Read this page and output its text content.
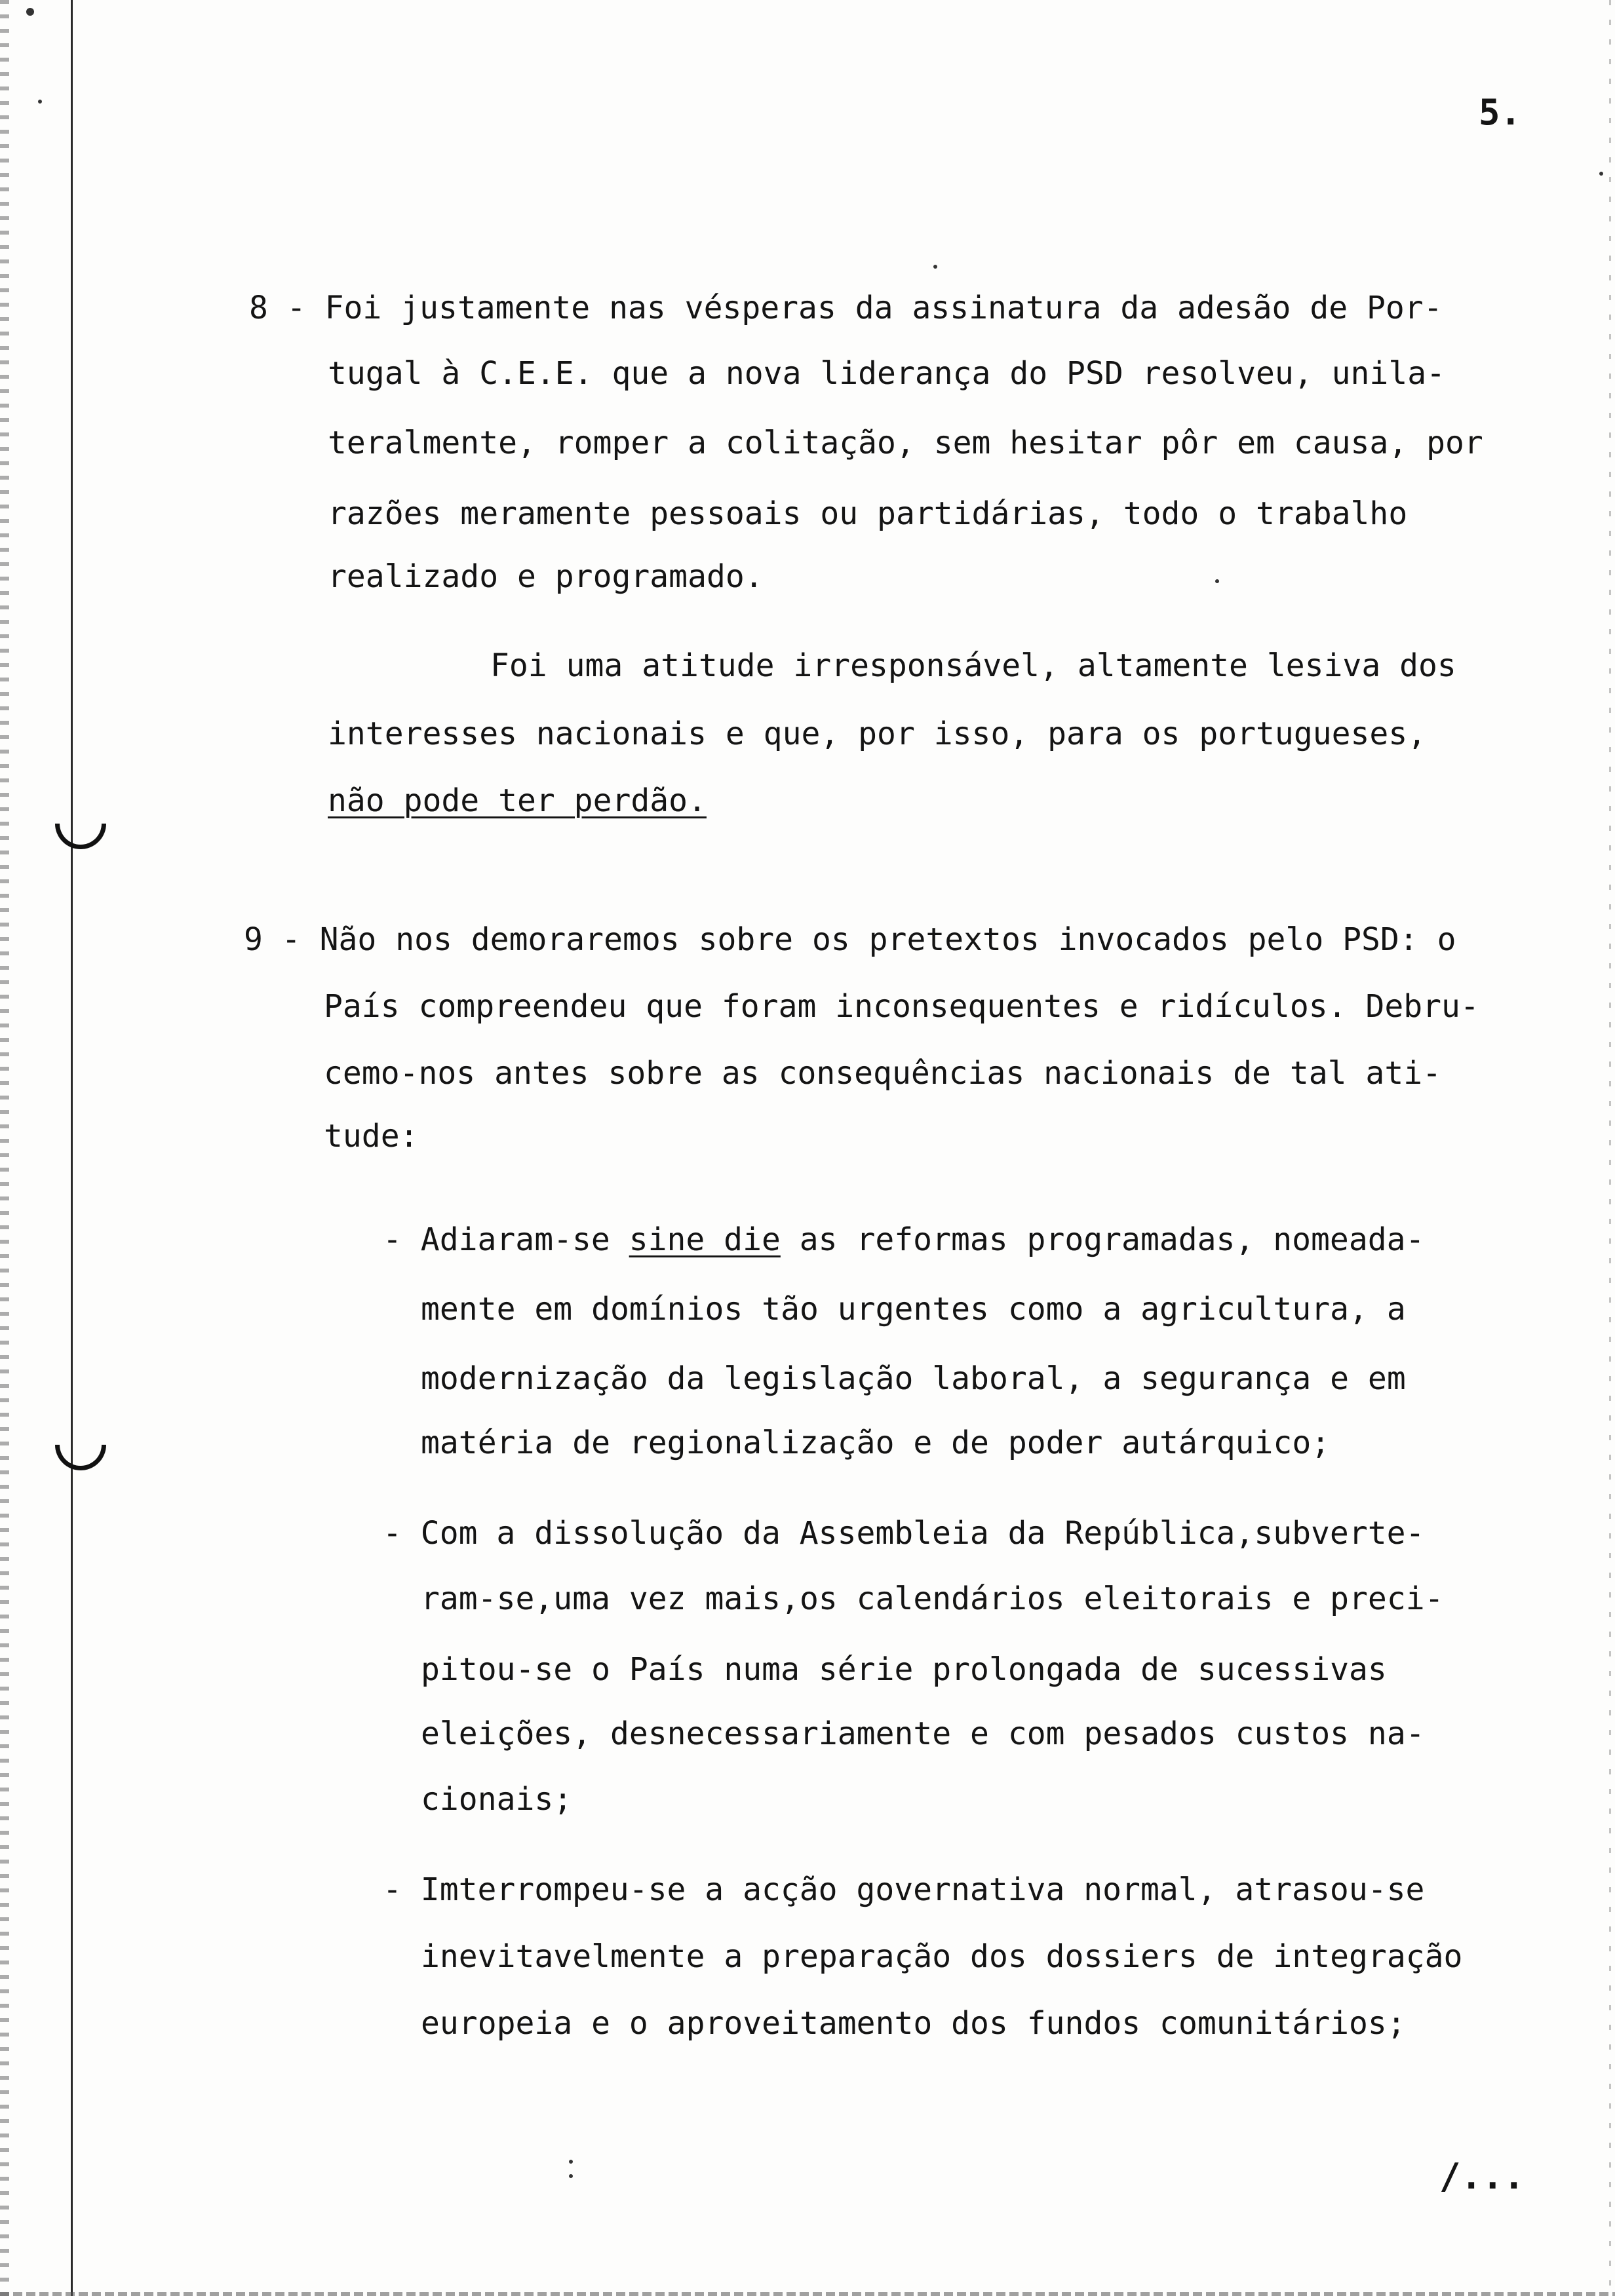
5.
8 - Foi justamente nas vésperas da assinatura da adesão de Por-
tugal à C.E.E. que a nova liderança do PSD resolveu, unila-
teralmente, romper a colitação, sem hesitar pôr em causa, por
razões meramente pessoais ou partidárias, todo o trabalho
realizado e programado.
Foi uma atitude irresponsável, altamente lesiva dos
interesses nacionais e que, por isso, para os portugueses,
não pode ter perdão.
9 - Não nos demoraremos sobre os pretextos invocados pelo PSD: o
País compreendeu que foram inconsequentes e ridículos. Debru-
cemo-nos antes sobre as consequências nacionais de tal ati-
tude:
- Adiaram-se sine die as reformas programadas, nomeada-
mente em domínios tão urgentes como a agricultura, a
modernização da legislação laboral, a segurança e em
matéria de regionalização e de poder autárquico;
- Com a dissolução da Assembleia da República,subverte-
ram-se,uma vez mais,os calendários eleitorais e preci-
pitou-se o País numa série prolongada de sucessivas
eleições, desnecessariamente e com pesados custos na-
cionais;
- Imterrompeu-se a acção governativa normal, atrasou-se
inevitavelmente a preparação dos dossiers de integração
europeia e o aproveitamento dos fundos comunitários;
/...
